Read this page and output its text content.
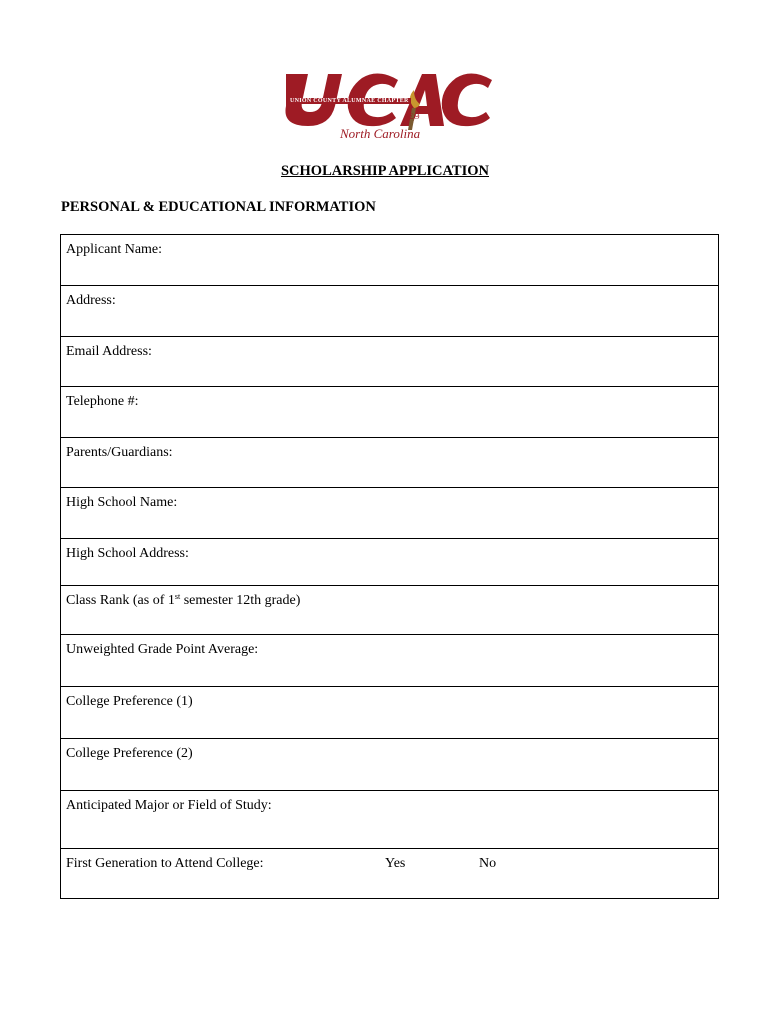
UNION COUNTY ALUMNAE CHAPTER
ΔΣΘ
North Carolina
SCHOLARSHIP APPLICATION
PERSONAL & EDUCATIONAL INFORMATION
Applicant Name:
Address:
Email Address:
Telephone #:
Parents/Guardians:
High School Name:
High School Address:
Class Rank (as of 1st semester 12th grade)
Unweighted Grade Point Average:
College Preference (1)
College Preference (2)
Anticipated Major or Field of Study:
First Generation to Attend College:	Yes	No
